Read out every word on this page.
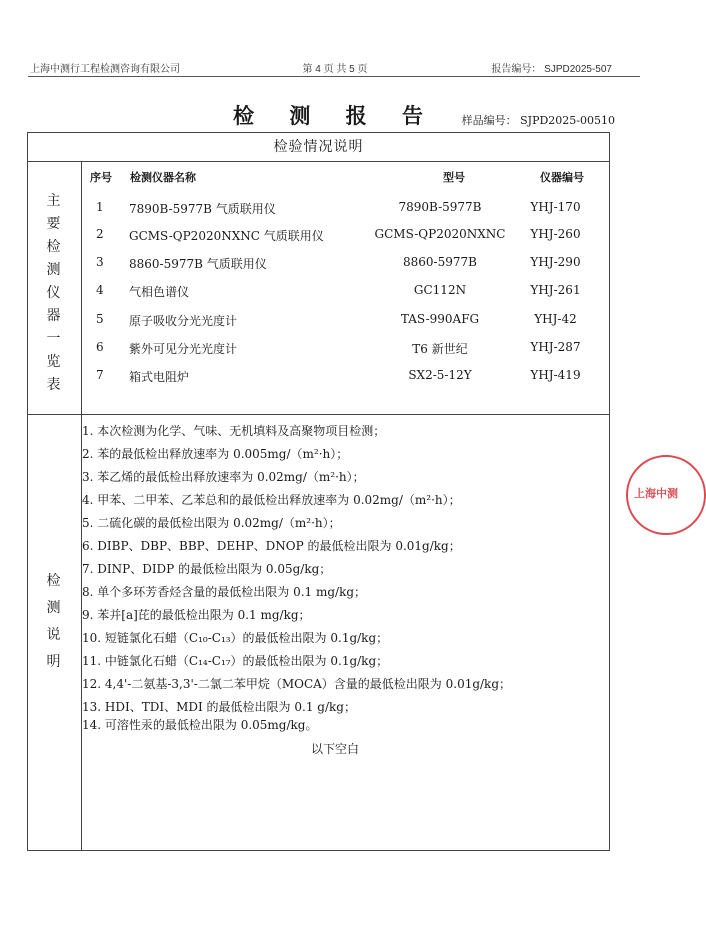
上海中测行工程检测咨询有限公司	第 4 页 共 5 页	报告编号： SJPD2025-507
检 测 报 告	样品编号： SJPD2025-00510
检验情况说明
主
要
检
测
仪
器
一
览
表
检
测
说
明
序号 检测仪器名称	型号	仪器编号
1 7890B-5977B 气质联用仪	7890B-5977B	YHJ-170
2 GCMS-QP2020NXNC 气质联用仪	GCMS-QP2020NXNC	YHJ-260
3 8860-5977B 气质联用仪	8860-5977B	YHJ-290
4 气相色谱仪	GC112N	YHJ-261
5 原子吸收分光光度计	TAS-990AFG	YHJ-42
6 紫外可见分光光度计	T6 新世纪	YHJ-287
7 箱式电阻炉	SX2-5-12Y	YHJ-419
1. 本次检测为化学、气味、无机填料及高聚物项目检测；
2. 苯的最低检出释放速率为 0.005mg/（m²·h）；
3. 苯乙烯的最低检出释放速率为 0.02mg/（m²·h）；
4. 甲苯、二甲苯、乙苯总和的最低检出释放速率为 0.02mg/（m²·h）；
5. 二硫化碳的最低检出限为 0.02mg/（m²·h）；
6. DIBP、DBP、BBP、DEHP、DNOP 的最低检出限为 0.01g/kg；
7. DINP、DIDP 的最低检出限为 0.05g/kg；
8. 单个多环芳香烃含量的最低检出限为 0.1 mg/kg；
9. 苯并[a]芘的最低检出限为 0.1 mg/kg；
10. 短链氯化石蜡（C₁₀-C₁₃）的最低检出限为 0.1g/kg；
11. 中链氯化石蜡（C₁₄-C₁₇）的最低检出限为 0.1g/kg；
12. 4,4'-二氨基-3,3'-二氯二苯甲烷（MOCA）含量的最低检出限为 0.01g/kg；
13. HDI、TDI、MDI 的最低检出限为 0.1 g/kg；
14. 可溶性汞的最低检出限为 0.05mg/kg。
以下空白
上海中测
